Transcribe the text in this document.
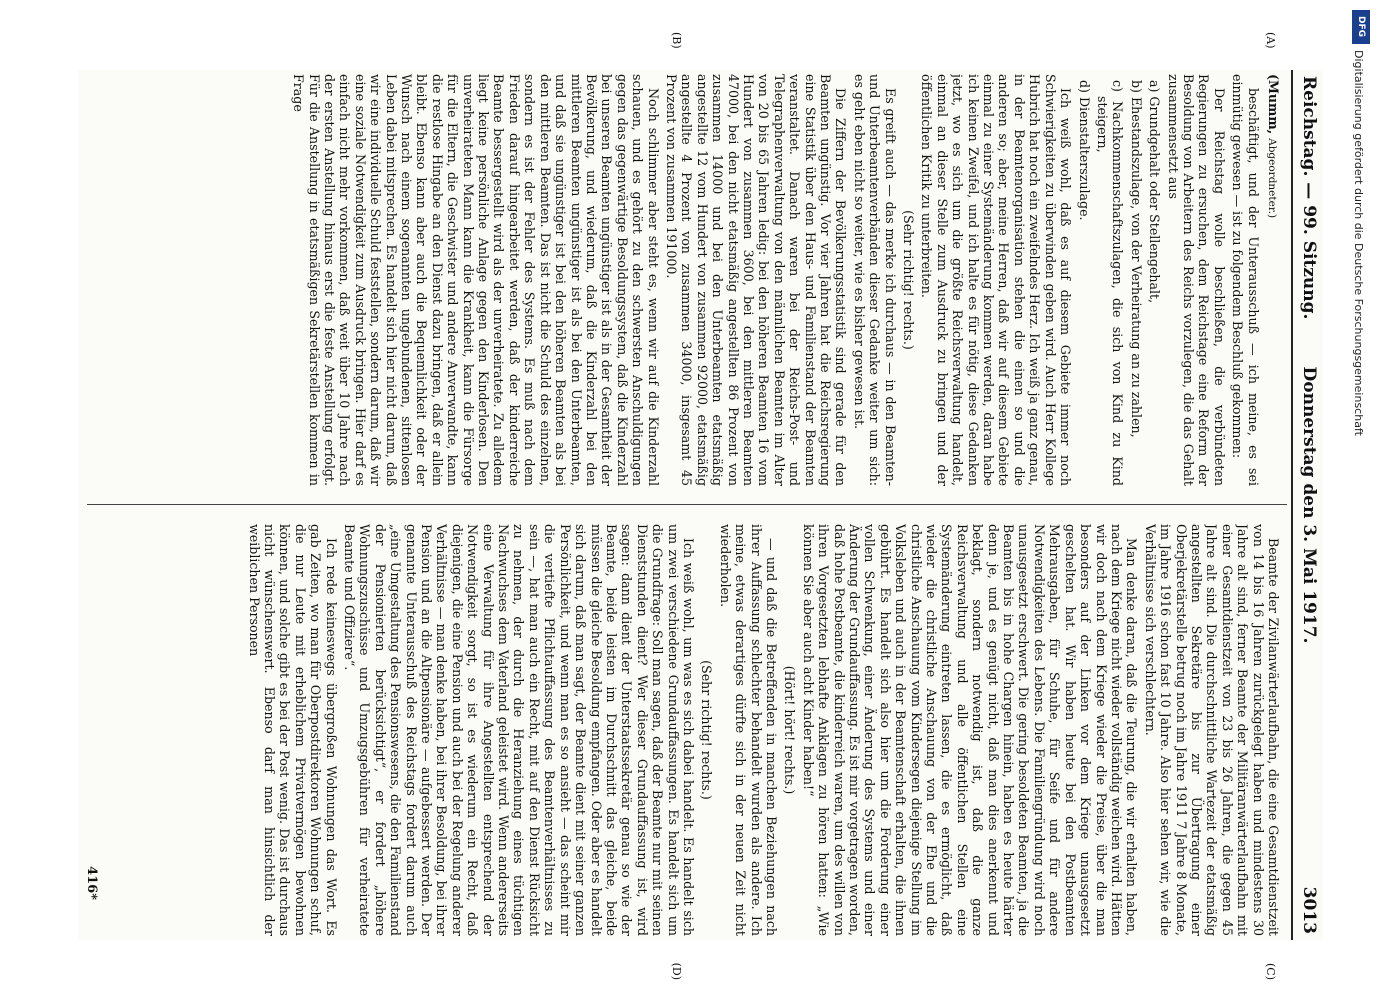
Reichstag. — 99. Sitzung.
Donnerstag den 3. Mai 1917.
3013
(A)
(B)
(C)
(D)

(Mumm, Abgeordneter.)

beschäftigt, und der Unterausschuß — ich meine, es sei einmütig gewesen — ist zu folgendem Beschluß gekommen:

Der Reichstag wolle beschließen, die verbündeten Regierungen zu ersuchen, dem Reichstage eine Reform der Besoldung von Arbeitern des Reichs vorzulegen, die das Gehalt zusammensetzt aus

a) Grundgehalt oder Stellengehalt,

b) Ehestandszulage, von der Verheiratung an zu zahlen,

c) Nachkommenschaftszulagen, die sich von Kind zu Kind steigern,

d) Dienstalterszulage.

Ich weiß wohl, daß es auf diesem Gebiete immer noch Schwierigkeiten zu überwinden geben wird. Auch Herr Kollege Hubrich hat noch ein zweifelndes Herz. Ich weiß ja ganz genau, in der Beamtenorganisation stehen die einen so und die anderen so; aber, meine Herren, daß wir auf diesem Gebiete einmal zu einer Systemänderung kommen werden, daran habe ich keinen Zweifel, und ich halte es für nötig, diese Gedanken jetzt, wo es sich um die größte Reichsverwaltung handelt, einmal an dieser Stelle zum Ausdruck zu bringen und der öffentlichen Kritik zu unterbreiten.

(Sehr richtig! rechts.)

Es greift auch — das merke ich durchaus — in den Beamten- und Unterbeamtenverbänden dieser Gedanke weiter um sich: es geht eben nicht so weiter, wie es bisher gewesen ist.

Die Ziffern der Bevölkerungsstatistik sind gerade für den Beamten ungünstig. Vor vier Jahren hat die Reichsregierung eine Statistik über den Haus- und Familienstand der Beamten veranstaltet. Danach waren bei der Reichs-Post- und Telegraphenverwaltung von den männlichen Beamten im Alter von 20 bis 65 Jahren ledig: bei den höheren Beamten 16 vom Hundert von zusammen 3600, bei den mittleren Beamten 47000, bei den nicht etatsmäßig angestellten 86 Prozent von zusammen 14000 und bei den Unterbeamten etatsmäßig angestellte 12 vom Hundert von zusammen 92000, etatsmäßig angestellte 4 Prozent von zusammen 34000, insgesamt 45 Prozent von zusammen 191000.

Noch schlimmer aber steht es, wenn wir auf die Kinderzahl schauen, und es gehört zu den schwersten Anschuldigungen gegen das gegenwärtige Besoldungssystem, daß die Kinderzahl bei unseren Beamten ungünstiger ist als in der Gesamtheit der Bevölkerung, und wiederum, daß die Kinderzahl bei den mittleren Beamten ungünstiger ist als bei den Unterbeamten, und daß sie ungünstiger ist bei den höheren Beamten als bei den mittleren Beamten. Das ist nicht die Schuld des einzelnen, sondern es ist der Fehler des Systems. Es muß nach dem Frieden darauf hingearbeitet werden, daß der kinderreiche Beamte bessergestellt wird als der unverheiratete. Zu alledem liegt keine persönliche Anlage gegen den Kinderlosen. Den unverheirateten Mann kann die Krankheit, kann die Fürsorge für die Eltern, die Geschwister und andere Anverwandte, kann die restlose Hingabe an den Dienst dazu bringen, daß er allein bleibt. Ebenso kann aber auch die Bequemlichkeit oder der Wunsch nach einem sogenannten ungebundenen, sittenlosen Leben dabei mitsprechen. Es handelt sich hier nicht darum, daß wir eine individuelle Schuld feststellen, sondern darum, daß wir eine soziale Notwendigkeit zum Ausdruck bringen. Hier darf es einfach nicht mehr vorkommen, daß weit über 10 Jahre nach der ersten Anstellung hinaus erst die feste Anstellung erfolgt. Für die Anstellung in etatsmäßigen Sekretärstellen kommen in Frage

Beamte der Zivilanwärterlaufbahn, die eine Gesamtdienstzeit von 14 bis 16 Jahren zurückgelegt haben und mindestens 30 Jahre alt sind, ferner Beamte der Militäranwärterlaufbahn mit einer Gesamtdienstzeit von 23 bis 26 Jahren, die gegen 45 Jahre alt sind. Die durchschnittliche Wartezeit der etatsmäßig angestellten Sekretäre bis zur Übertragung einer Oberjekretärstelle betrug noch im Jahre 1911 7 Jahre 8 Monate, im Jahre 1916 schon fast 10 Jahre. Also hier sehen wir, wie die Verhältnisse sich verschlechtern.

Man denke daran, daß die Teurung, die wir erhalten haben, nach dem Kriege nicht wieder vollständig weichen wird. Hätten wir doch nach dem Kriege wieder die Preise, über die man besonders auf der Linken vor dem Kriege unausgesetzt geschelten hat. Wir haben heute bei den Postbeamten Mehrausgaben, für Schuhe, für Seife und für andere Notwendigkeiten des Lebens. Die Familiengründung wird noch unausgesetzt erschwert. Die gering besoldeten Beamten, ja die Beamten bis in hohe Chargen hinein, haben es heute härter denn je, und es genügt nicht, daß man dies anerkennt und beklagt, sondern notwendig ist, daß die ganze Reichsverwaltung und alle öffentlichen Stellen eine Systemänderung eintreten lassen, die es ermöglicht, daß wieder die christliche Anschauung von der Ehe und die christliche Anschauung vom Kindersegen diejenige Stellung im Volksleben und auch in der Beamtenschaft erhalten, die ihnen gebührt. Es handelt sich also hier um die Forderung einer vollen Schwenkung, einer Änderung des Systems und einer Änderung der Grundauffassung. Es ist mir vorgetragen worden, daß hohe Postbeamte, die kinderreich waren, um des willen von ihren Vorgesetzten lebhafte Anklagen zu hören hatten: „Wie können Sie aber auch acht Kinder haben!“

(Hört! hört! rechts.)

— und daß die Betreffenden in manchen Beziehungen nach ihrer Auffassung schlechter behandelt wurden als andere. Ich meine, etwas derartiges dürfte sich in der neuen Zeit nicht wiederholen.

(Sehr richtig! rechts.)

Ich weiß wohl, um was es sich dabei handelt. Es handelt sich um zwei verschiedene Grundauffassungen. Es handelt sich um die Grundfrage: Soll man sagen, daß der Beamte nur mit seinen Dienststunden dient? Wer dieser Grundauffassung ist, wird sagen: dann dient der Unterstaatssekretär genau so wie der Beamte, beide leisten im Durchschnitt das gleiche, beide müssen die gleiche Besoldung empfangen. Oder aber es handelt sich darum, daß man sagt, der Beamte dient mit seiner ganzen Persönlichkeit, und wenn man es so ansieht — das scheint mir die vertiefte Pflichtauffassung des Beamtenverhältnisses zu sein —, hat man auch ein Recht, mit auf den Dienst Rücksicht zu nehmen, der durch die Heranziehung eines tüchtigen Nachwuchses dem Vaterland geleistet wird. Wenn andererseits eine Verwaltung für ihre Angestellten entsprechend der Notwendigkeit sorgt, so ist es wiederum ein Recht, daß diejenigen, die eine Pension und auch bei der Regelung anderer Verhältnisse — man denke haben, bei ihrer Besoldung, bei ihrer Pension und an die Altpensionäre — aufgebessert werden. Der genannte Unterausschuß des Reichstags fordert darum auch „eine Umgestaltung des Pensionswesens, die den Familienstand der Pensionierten berücksichtigt“, er fordert „höhere Wohnungszuschüsse und Umzugsgebühren für verheiratete Beamte und Offiziere“.

Ich rede keineswegs übergroßen Wohnungen das Wort. Es gab Zeiten, wo man für Oberpostdirektoren Wohnungen schuf, die nur Leute mit erheblichem Privatvermögen bewohnen können, und solche gibt es bei der Post wenig. Das ist durchaus nicht wünschenswert. Ebenso darf man hinsichtlich der weiblichen Personen

416*
DFG
Digitalisierung gefördert durch die Deutsche Forschungsgemeinschaft
